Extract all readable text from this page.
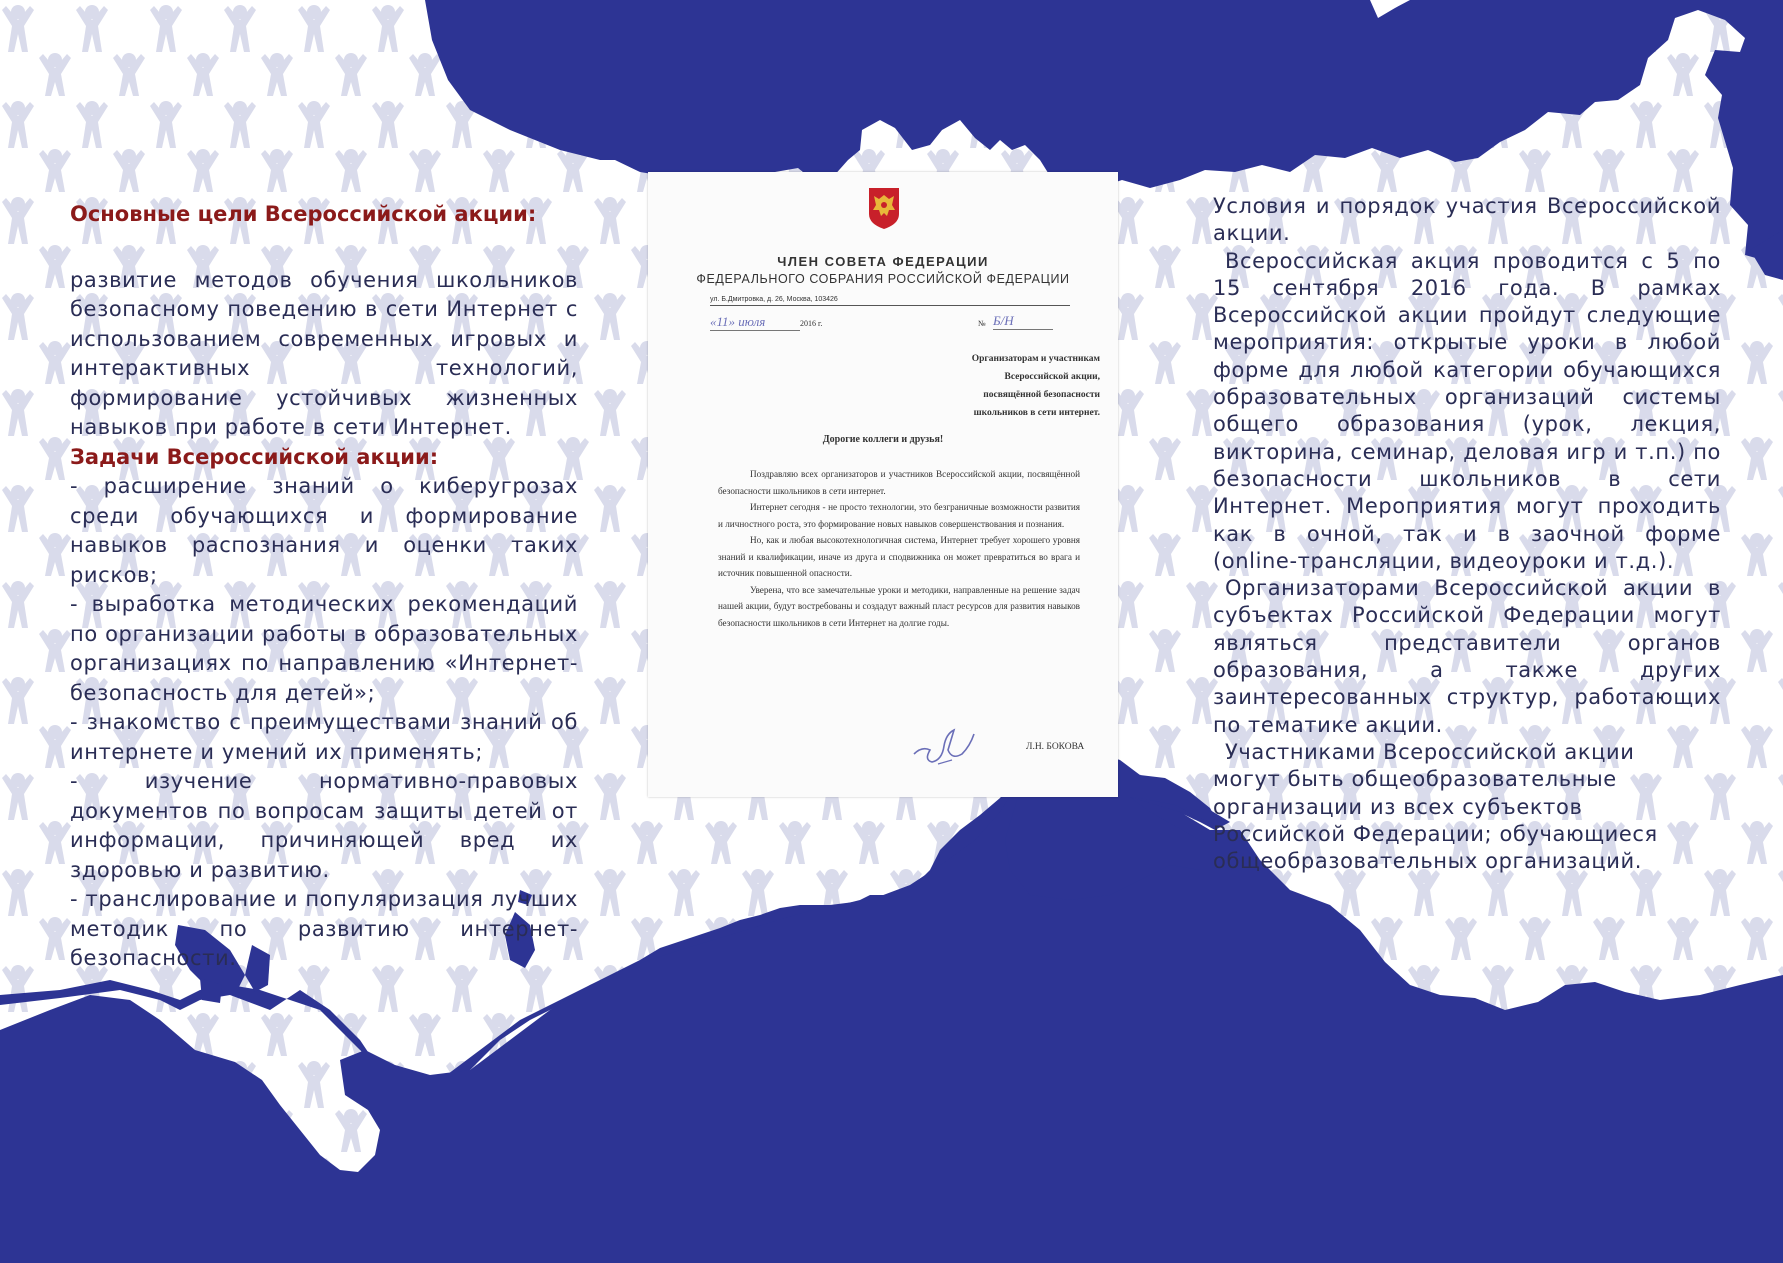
Основные цели Всероссийской акции:

развитие методов обучения школьников безопасному поведению в сети Интернет с использованием современных игровых и интерактивных технологий, формирование устойчивых жизненных навыков при работе в сети Интернет.

Задачи Всероссийской акции:

- расширение знаний о киберугрозах среди обучающихся и формирование навыков распознания и оценки таких рисков;

- выработка методических рекомендаций по организации работы в образовательных организациях по направлению «Интернет-безопасность для детей»;

- знакомство с преимуществами знаний об интернете и умений их применять;

- изучение нормативно-правовых документов по вопросам защиты детей от информации, причиняющей вред их здоровью и развитию.

- транслирование и популяризация лучших методик по развитию интернет-безопасности.

ЧЛЕН СОВЕТА ФЕДЕРАЦИИ
ФЕДЕРАЛЬНОГО СОБРАНИЯ РОССИЙСКОЙ ФЕДЕРАЦИИ
ул. Б.Дмитровка, д. 26, Москва, 103426
«11» июля	2016 г.	№ Б/Н
Организаторам и участникам
Всероссийской акции,
посвящённой безопасности
школьников в сети интернет.
Дорогие коллеги и друзья!

Поздравляю всех организаторов и участников Всероссийской акции, посвящённой безопасности школьников в сети интернет.

Интернет сегодня - не просто технологии, это безграничные возможности развития и личностного роста, это формирование новых навыков совершенствования и познания.

Но, как и любая высокотехнологичная система, Интернет требует хорошего уровня знаний и квалификации, иначе из друга и сподвижника он может превратиться во врага и источник повышенной опасности.

Уверена, что все замечательные уроки и методики, направленные на решение задач нашей акции, будут востребованы и создадут важный пласт ресурсов для развития навыков безопасности школьников в сети Интернет на долгие годы.

Л.Н. БОКОВА

Условия и порядок участия Всероссийской акции.

Всероссийская акция проводится с 5 по 15 сентября 2016 года. В рамках Всероссийской акции пройдут следующие мероприятия: открытые уроки в любой форме для любой категории обучающихся образовательных организаций системы общего образования (урок, лекция, викторина, семинар, деловая игр и т.п.) по безопасности школьников в сети Интернет. Мероприятия могут проходить как в очной, так и в заочной форме (online-трансляции, видеоуроки и т.д.).

Организаторами Всероссийской акции в субъектах Российской Федерации могут являться представители органов образования, а также других заинтересованных структур, работающих по тематике акции.

Участниками Всероссийской акции могут быть общеобразовательные организации из всех субъектов Российской Федерации; обучающиеся общеобразовательных организаций.
